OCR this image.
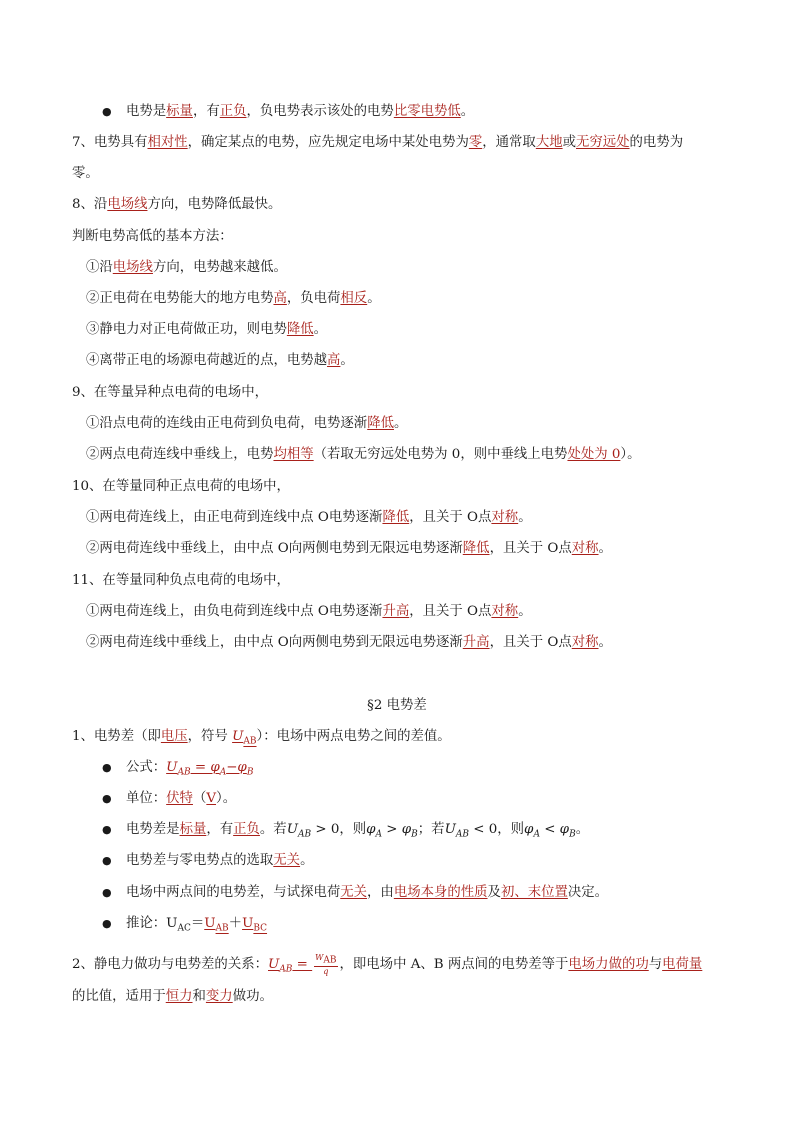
● 电势是标量，有正负，负电势表示该处的电势比零电势低。
7、电势具有相对性，确定某点的电势，应先规定电场中某处电势为零，通常取大地或无穷远处的电势为
零。
8、沿电场线方向，电势降低最快。
判断电势高低的基本方法：
①沿电场线方向，电势越来越低。
②正电荷在电势能大的地方电势高，负电荷相反。
③静电力对正电荷做正功，则电势降低。
④离带正电的场源电荷越近的点，电势越高。
9、在等量异种点电荷的电场中，
①沿点电荷的连线由正电荷到负电荷，电势逐渐降低。
②两点电荷连线中垂线上，电势均相等（若取无穷远处电势为 0，则中垂线上电势处处为 0）。
10、在等量同种正点电荷的电场中，
①两电荷连线上，由正电荷到连线中点 O电势逐渐降低，且关于 O点对称。
②两电荷连线中垂线上，由中点 O向两侧电势到无限远电势逐渐降低，且关于 O点对称。
11、在等量同种负点电荷的电场中，
①两电荷连线上，由负电荷到连线中点 O电势逐渐升高，且关于 O点对称。
②两电荷连线中垂线上，由中点 O向两侧电势到无限远电势逐渐升高，且关于 O点对称。
§2 电势差
1、电势差（即电压，符号 $U_{AB}$）：电场中两点电势之间的差值。
● 公式：$U_{AB} = \varphi_A-\varphi_B$
● 单位：伏特（V）。
● 电势差是标量，有正负。若$U_{AB} > 0$，则$\varphi_A > \varphi_B$；若$U_{AB} < 0$，则$\varphi_A < \varphi_B$。
● 电势差与零电势点的选取无关。
● 电场中两点间的电势差，与试探电荷无关，由电场本身的性质及初、末位置决定。
● 推论：$U_{AC}=U_{AB}+U_{BC}$
2、静电力做功与电势差的关系：$U_{AB} = \frac{W_{AB}}{q}$ ，即电场中 A、B 两点间的电势差等于电场力做的功与电荷量
的比值，适用于恒力和变力做功。
